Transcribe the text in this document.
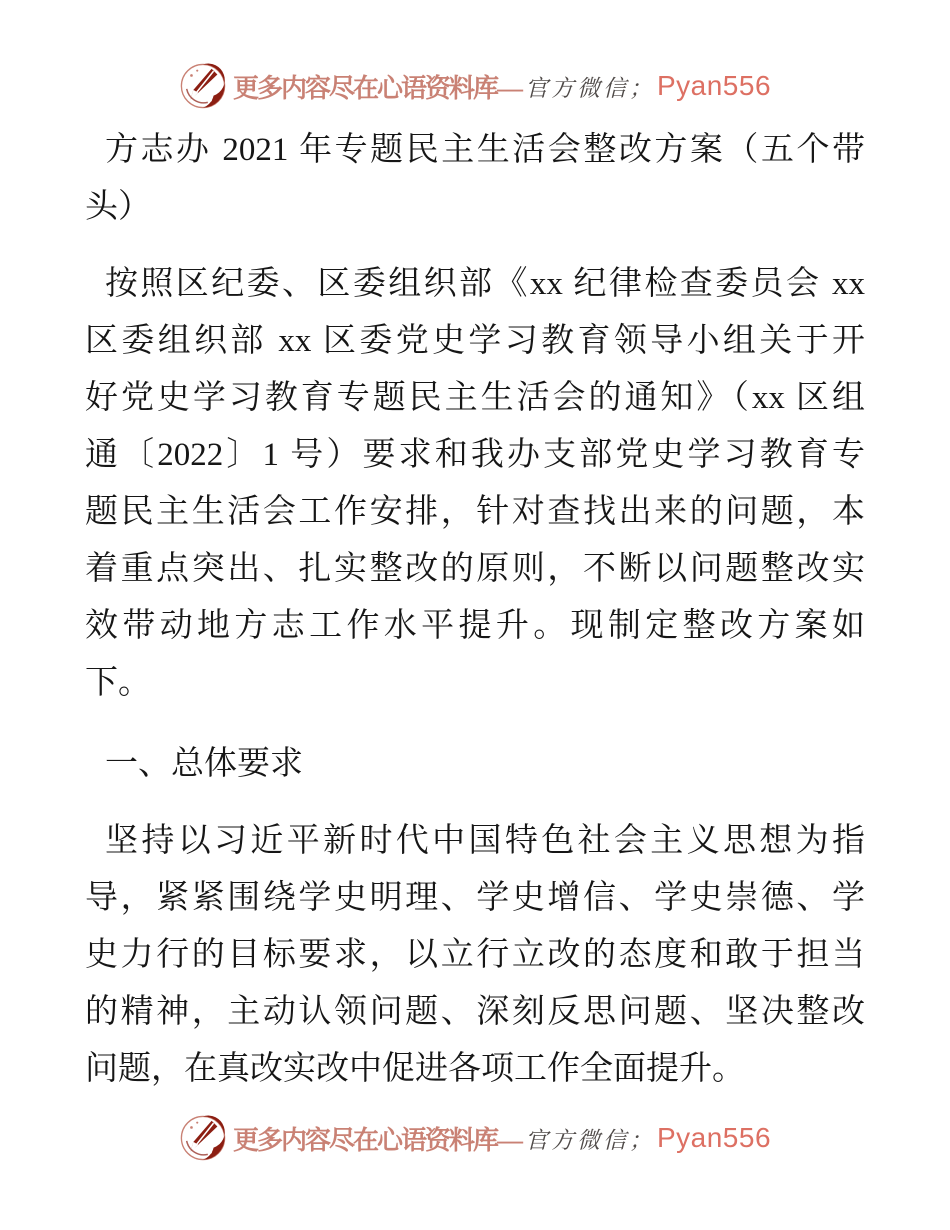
更多内容尽在心语资料库— 官方微信； Pyan556
方志办 2021 年专题民主生活会整改方案（五个带
头）
按照区纪委、区委组织部《xx 纪律检查委员会 xx
区委组织部 xx 区委党史学习教育领导小组关于开
好党史学习教育专题民主生活会的通知》（xx 区组
通〔2022〕1 号）要求和我办支部党史学习教育专
题民主生活会工作安排，针对查找出来的问题，本
着重点突出、扎实整改的原则，不断以问题整改实
效带动地方志工作水平提升。现制定整改方案如
下。
一、总体要求
坚持以习近平新时代中国特色社会主义思想为指
导，紧紧围绕学史明理、学史增信、学史崇德、学
史力行的目标要求，以立行立改的态度和敢于担当
的精神，主动认领问题、深刻反思问题、坚决整改
问题，在真改实改中促进各项工作全面提升。
更多内容尽在心语资料库— 官方微信； Pyan556
